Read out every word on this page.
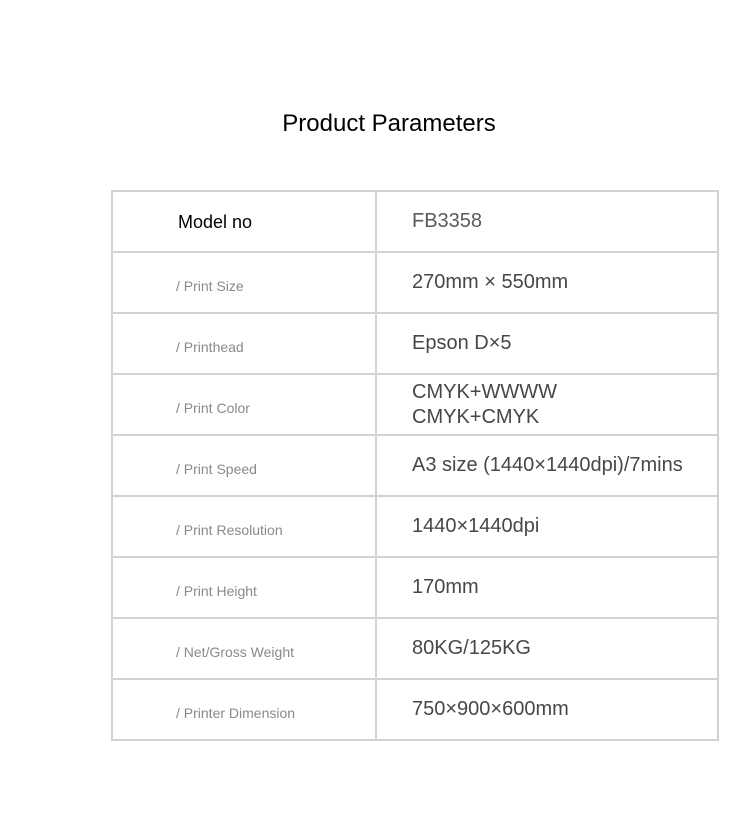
Product Parameters
Model no	FB3358

/ Print Size	270mm × 550mm

/ Printhead	Epson D×5

/ Print Color	CMYK+WWWW
CMYK+CMYK

/ Print Speed	A3 size (1440×1440dpi)/7mins

/ Print Resolution	1440×1440dpi

/ Print Height	170mm

/ Net/Gross Weight	80KG/125KG

/ Printer Dimension	750×900×600mm
